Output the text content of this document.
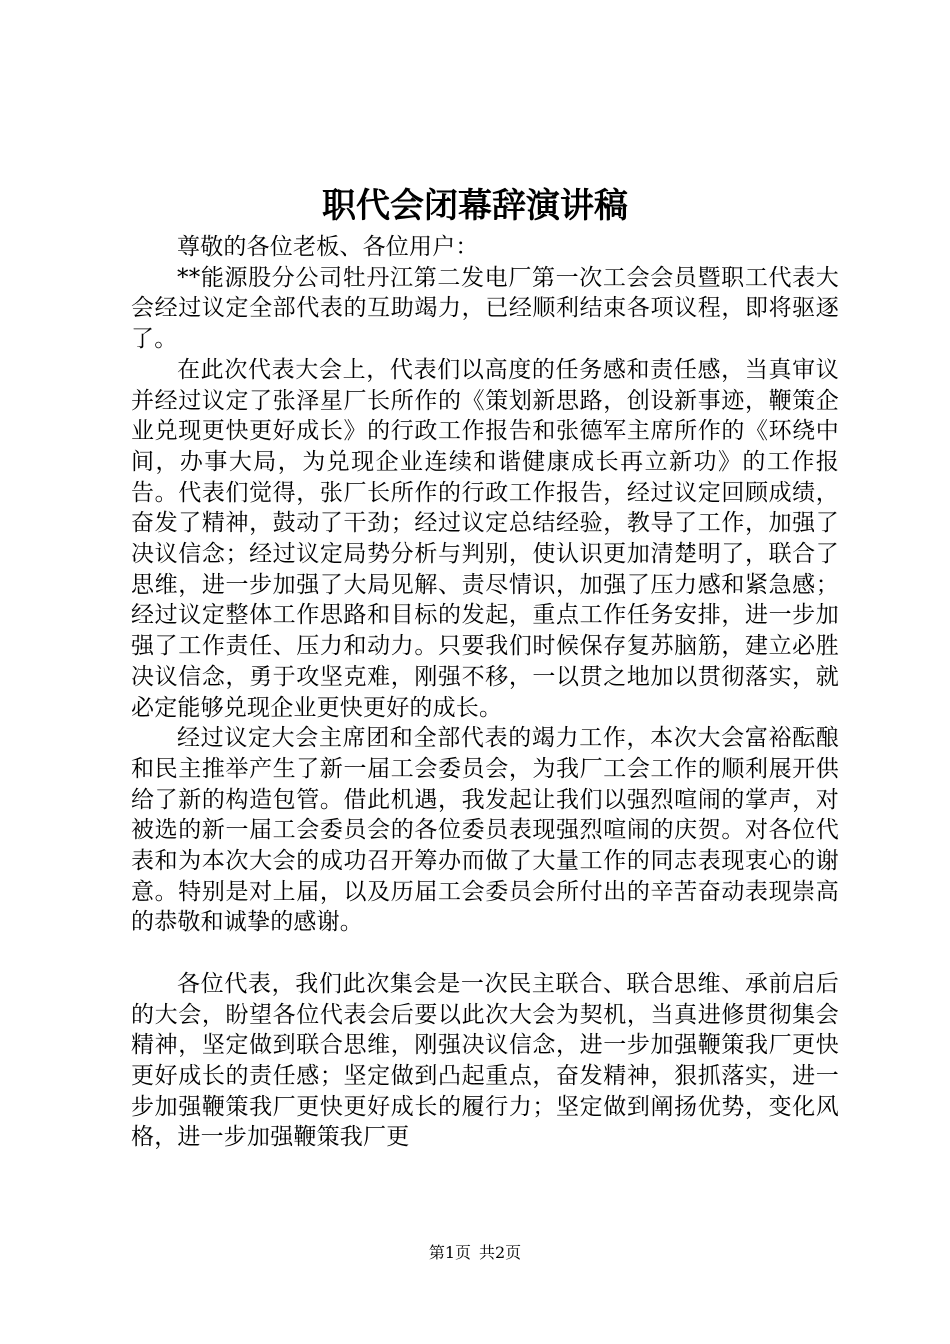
职代会闭幕辞演讲稿

尊敬的各位老板、各位用户：

**能源股分公司牡丹江第二发电厂第一次工会会员暨职工代表大会经过议定全部代表的互助竭力，已经顺利结束各项议程，即将驱逐了。

在此次代表大会上，代表们以高度的任务感和责任感，当真审议并经过议定了张泽星厂长所作的《策划新思路，创设新事迹，鞭策企业兑现更快更好成长》的行政工作报告和张德军主席所作的《环绕中间，办事大局，为兑现企业连续和谐健康成长再立新功》的工作报告。代表们觉得，张厂长所作的行政工作报告，经过议定回顾成绩，奋发了精神，鼓动了干劲；经过议定总结经验，教导了工作，加强了决议信念；经过议定局势分析与判别，使认识更加清楚明了，联合了思维，进一步加强了大局见解、责尽情识，加强了压力感和紧急感；经过议定整体工作思路和目标的发起，重点工作任务安排，进一步加强了工作责任、压力和动力。只要我们时候保存复苏脑筋，建立必胜决议信念，勇于攻坚克难，刚强不移，一以贯之地加以贯彻落实，就必定能够兑现企业更快更好的成长。

经过议定大会主席团和全部代表的竭力工作，本次大会富裕酝酿和民主推举产生了新一届工会委员会，为我厂工会工作的顺利展开供给了新的构造包管。借此机遇，我发起让我们以强烈喧闹的掌声，对被选的新一届工会委员会的各位委员表现强烈喧闹的庆贺。对各位代表和为本次大会的成功召开筹办而做了大量工作的同志表现衷心的谢意。特别是对上届，以及历届工会委员会所付出的辛苦奋动表现崇高的恭敬和诚挚的感谢。

各位代表，我们此次集会是一次民主联合、联合思维、承前启后的大会，盼望各位代表会后要以此次大会为契机，当真进修贯彻集会精神，坚定做到联合思维，刚强决议信念，进一步加强鞭策我厂更快更好成长的责任感；坚定做到凸起重点，奋发精神，狠抓落实，进一步加强鞭策我厂更快更好成长的履行力；坚定做到阐扬优势，变化风格，进一步加强鞭策我厂更

第1页 共2页
